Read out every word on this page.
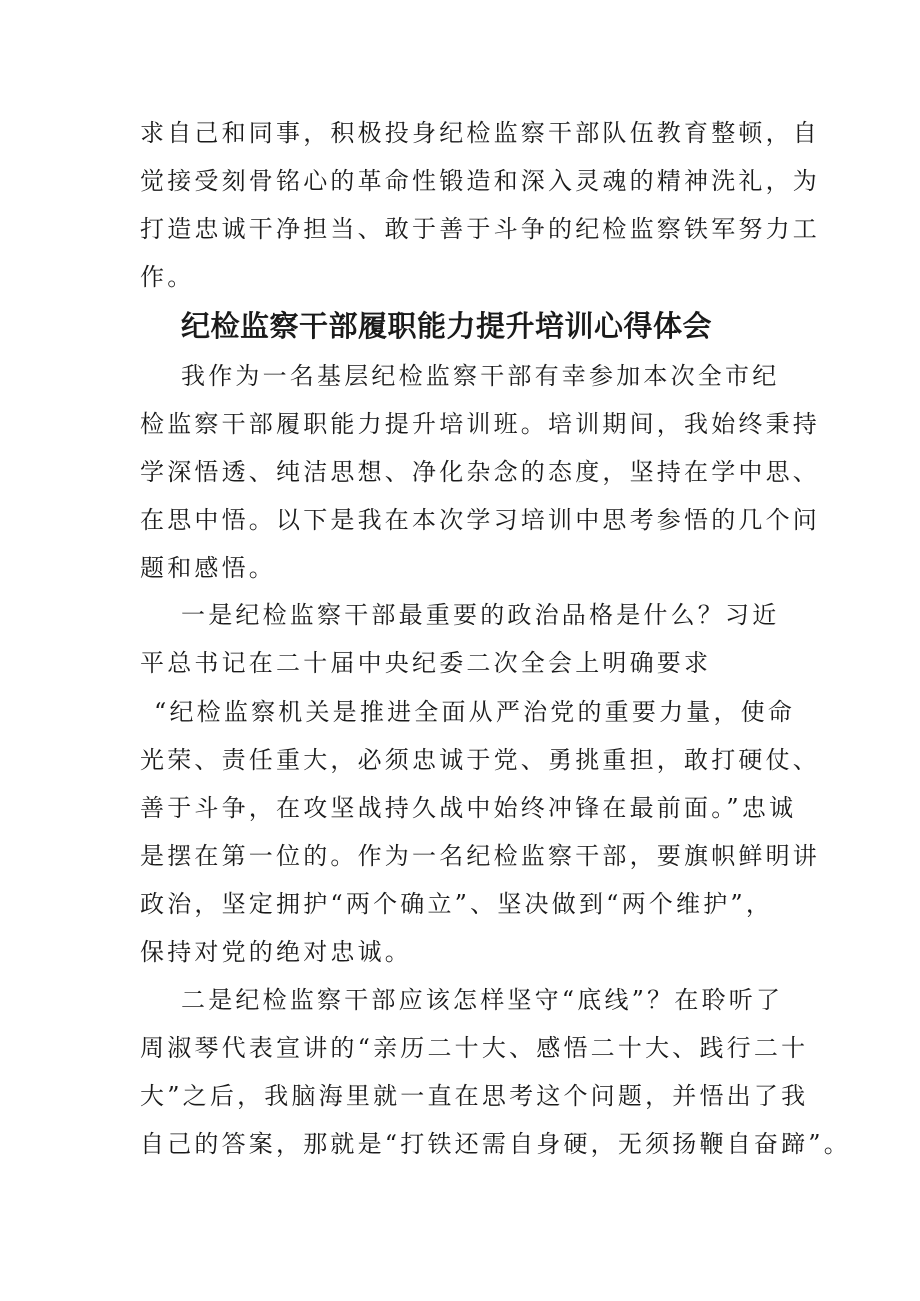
求自己和同事，积极投身纪检监察干部队伍教育整顿，自
觉接受刻骨铭心的革命性锻造和深入灵魂的精神洗礼，为
打造忠诚干净担当、敢于善于斗争的纪检监察铁军努力工
作。
纪检监察干部履职能力提升培训心得体会
我作为一名基层纪检监察干部有幸参加本次全市纪
检监察干部履职能力提升培训班。培训期间，我始终秉持
学深悟透、纯洁思想、净化杂念的态度，坚持在学中思、
在思中悟。以下是我在本次学习培训中思考参悟的几个问
题和感悟。
一是纪检监察干部最重要的政治品格是什么？习近
平总书记在二十届中央纪委二次全会上明确要求
“纪检监察机关是推进全面从严治党的重要力量，使命
光荣、责任重大，必须忠诚于党、勇挑重担，敢打硬仗、
善于斗争，在攻坚战持久战中始终冲锋在最前面。”忠诚
是摆在第一位的。作为一名纪检监察干部，要旗帜鲜明讲
政治，坚定拥护“两个确立”、坚决做到“两个维护”，
保持对党的绝对忠诚。
二是纪检监察干部应该怎样坚守“底线”？在聆听了
周淑琴代表宣讲的“亲历二十大、感悟二十大、践行二十
大”之后，我脑海里就一直在思考这个问题，并悟出了我
自己的答案，那就是“打铁还需自身硬，无须扬鞭自奋蹄”。
